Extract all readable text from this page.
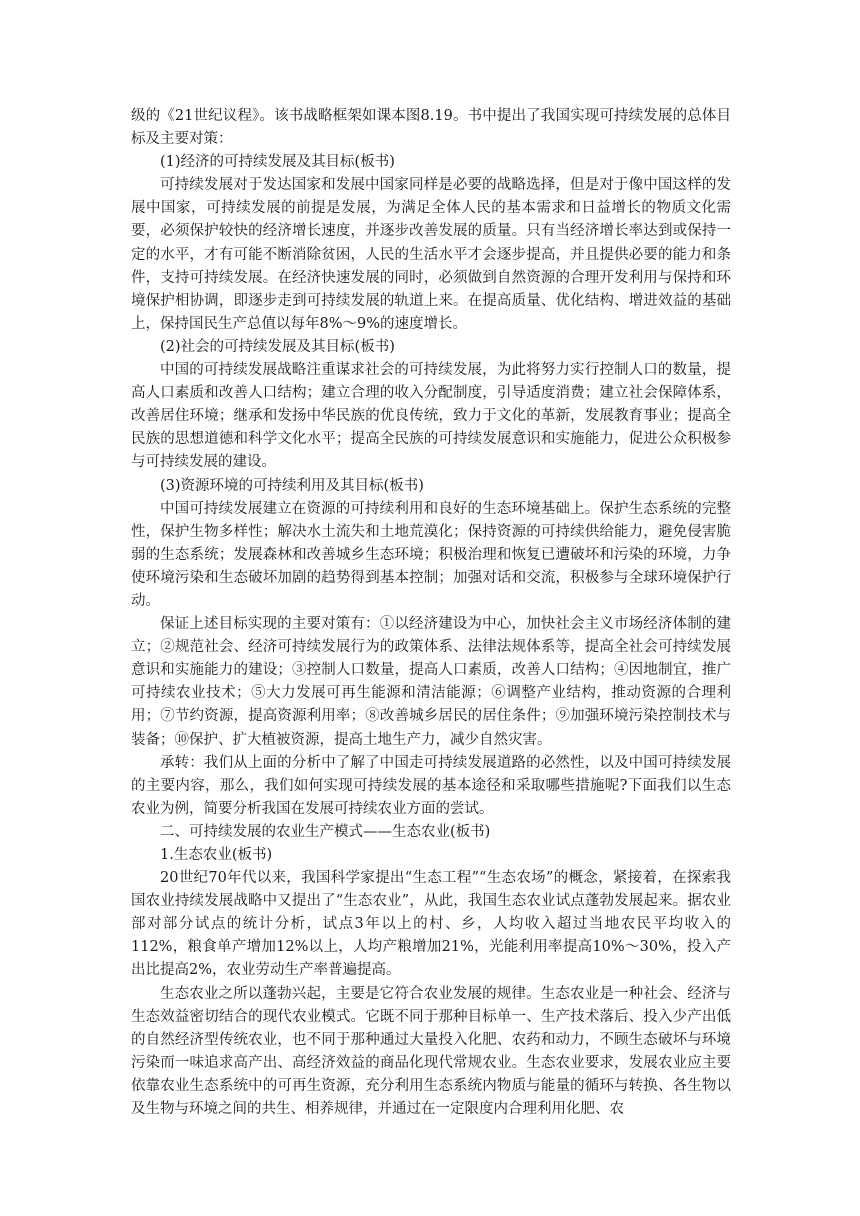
级的《21世纪议程》。该书战略框架如课本图8.19。书中提出了我国实现可持续发展的总体目标及主要对策：

(1)经济的可持续发展及其目标(板书)

可持续发展对于发达国家和发展中国家同样是必要的战略选择，但是对于像中国这样的发展中国家，可持续发展的前提是发展，为满足全体人民的基本需求和日益增长的物质文化需要，必须保护较快的经济增长速度，并逐步改善发展的质量。只有当经济增长率达到或保持一定的水平，才有可能不断消除贫困，人民的生活水平才会逐步提高，并且提供必要的能力和条件，支持可持续发展。在经济快速发展的同时，必须做到自然资源的合理开发利用与保持和环境保护相协调，即逐步走到可持续发展的轨道上来。在提高质量、优化结构、增进效益的基础上，保持国民生产总值以每年8%～9%的速度增长。

(2)社会的可持续发展及其目标(板书)

中国的可持续发展战略注重谋求社会的可持续发展，为此将努力实行控制人口的数量，提高人口素质和改善人口结构；建立合理的收入分配制度，引导适度消费；建立社会保障体系，改善居住环境；继承和发扬中华民族的优良传统，致力于文化的革新，发展教育事业；提高全民族的思想道德和科学文化水平；提高全民族的可持续发展意识和实施能力，促进公众积极参与可持续发展的建设。

(3)资源环境的可持续利用及其目标(板书)

中国可持续发展建立在资源的可持续利用和良好的生态环境基础上。保护生态系统的完整性，保护生物多样性；解决水土流失和土地荒漠化；保持资源的可持续供给能力，避免侵害脆弱的生态系统；发展森林和改善城乡生态环境；积极治理和恢复已遭破坏和污染的环境，力争使环境污染和生态破坏加剧的趋势得到基本控制；加强对话和交流，积极参与全球环境保护行动。

保证上述目标实现的主要对策有：①以经济建设为中心，加快社会主义市场经济体制的建立；②规范社会、经济可持续发展行为的政策体系、法律法规体系等，提高全社会可持续发展意识和实施能力的建设；③控制人口数量，提高人口素质，改善人口结构；④因地制宜，推广可持续农业技术；⑤大力发展可再生能源和清洁能源；⑥调整产业结构，推动资源的合理利用；⑦节约资源，提高资源利用率；⑧改善城乡居民的居住条件；⑨加强环境污染控制技术与装备；⑩保护、扩大植被资源，提高土地生产力，减少自然灾害。

承转：我们从上面的分析中了解了中国走可持续发展道路的必然性，以及中国可持续发展的主要内容，那么，我们如何实现可持续发展的基本途径和采取哪些措施呢?下面我们以生态农业为例，简要分析我国在发展可持续农业方面的尝试。

二、可持续发展的农业生产模式——生态农业(板书)

1.生态农业(板书)

20世纪70年代以来，我国科学家提出“生态工程”“生态农场”的概念，紧接着，在探索我国农业持续发展战略中又提出了“生态农业”，从此，我国生态农业试点蓬勃发展起来。据农业部对部分试点的统计分析，试点3年以上的村、乡，人均收入超过当地农民平均收入的112%，粮食单产增加12%以上，人均产粮增加21%，光能利用率提高10%～30%，投入产出比提高2%，农业劳动生产率普遍提高。

生态农业之所以蓬勃兴起，主要是它符合农业发展的规律。生态农业是一种社会、经济与生态效益密切结合的现代农业模式。它既不同于那种目标单一、生产技术落后、投入少产出低的自然经济型传统农业，也不同于那种通过大量投入化肥、农药和动力，不顾生态破坏与环境污染而一味追求高产出、高经济效益的商品化现代常规农业。生态农业要求，发展农业应主要依靠农业生态系统中的可再生资源，充分利用生态系统内物质与能量的循环与转换、各生物以及生物与环境之间的共生、相养规律，并通过在一定限度内合理利用化肥、农
